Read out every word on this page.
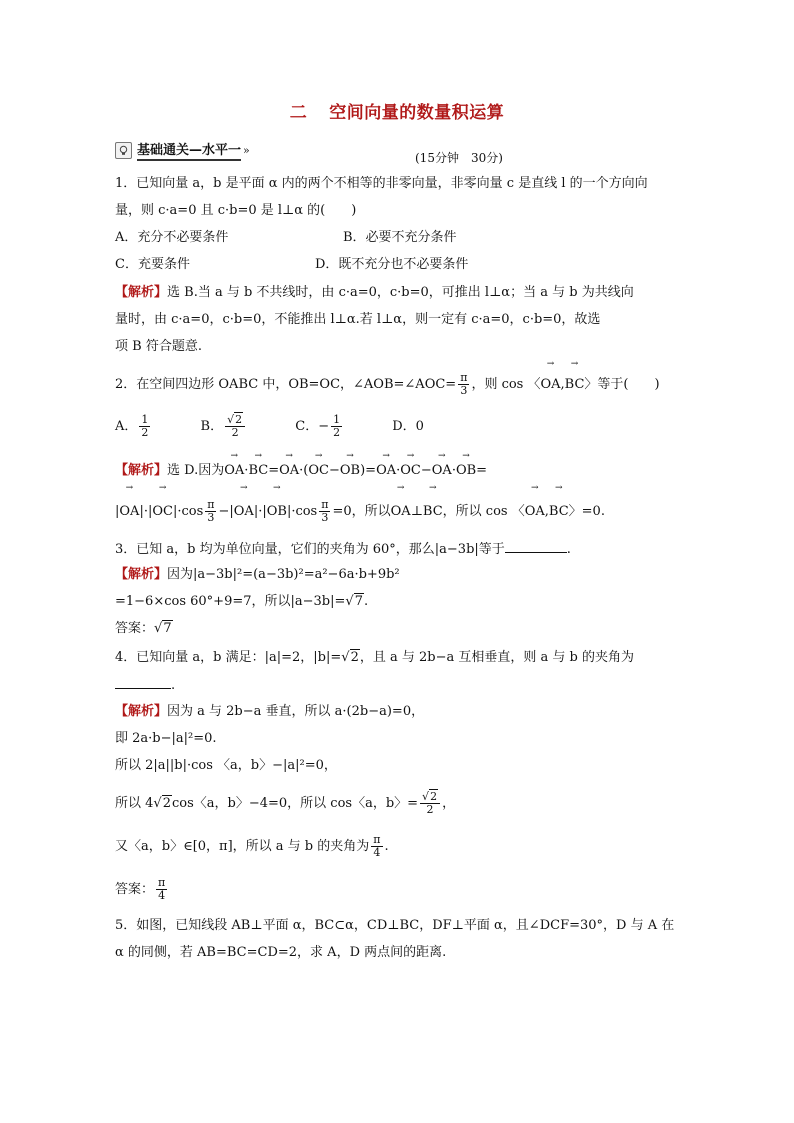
二 空间向量的数量积运算
基础通关—水平一 »
(15分钟　30分)
1．已知向量 a，b 是平面 α 内的两个不相等的非零向量，非零向量 c 是直线 l 的一个方向向
量，则 c·a=0 且 c·b=0 是 l⊥α 的(　　)
A．充分不必要条件	B．必要不充分条件
C．充要条件	D．既不充分也不必要条件
【解析】选 B.当 a 与 b 不共线时，由 c·a=0，c·b=0，可推出 l⊥α；当 a 与 b 为共线向
量时，由 c·a=0，c·b=0，不能推出 l⊥α.若 l⊥α，则一定有 c·a=0，c·b=0，故选
项 B 符合题意.
2．在空间四边形 OABC 中，OB=OC，∠AOB=∠AOC= $\frac{\pi}{3}$ ，则 cos 〈→ OA,→ BC〉等于(　　)
A． $\frac{1}{2}$	B． $\frac{√2}{2}$	C．− $\frac{1}{2}$	D．0
【解析】选 D.因为→ OA·→ BC=→ OA·(→ OC−→ OB)=→ OA·→ OC−→ OA·→ OB=
|→ $OA|\cdot|\to OC|\cdot\cos \frac{\pi}{3}$ −|→ $OA|\cdot|\to OB|\cdot\cos \frac{\pi}{3} =0$，所以→ OA⊥→ BC，所以 cos 〈→ OA,→ BC〉=0.
3．已知 a，b 均为单位向量，它们的夹角为 60°，那么|a−3b|等于	.
【解析】因为|a−3b|²=(a−3b)²=a²−6a·b+9b²
=1−6×cos 60°+9=7，所以|a−3b|=√7.
答案：√7
4．已知向量 a，b 满足：|a|=2，|b|=√2，且 a 与 2b−a 互相垂直，则 a 与 b 的夹角为
.
【解析】因为 a 与 2b−a 垂直，所以 a·(2b−a)=0，
即 2a·b−|a|²=0.
所以 2|a||b|·cos 〈a，b〉−|a|²=0，
所以 4√2cos〈a，b〉−4=0，所以 cos〈a，b〉= $\frac{√2}{2}$ ，
又〈a，b〉∈[0，π]，所以 a 与 b 的夹角为 $\frac{\pi}{4}$ .
答案： $\frac{\pi}{4}$
5．如图，已知线段 AB⊥平面 α，BC⊂α，CD⊥BC，DF⊥平面 α，且∠DCF=30°，D 与 A 在
α 的同侧，若 AB=BC=CD=2，求 A，D 两点间的距离.
